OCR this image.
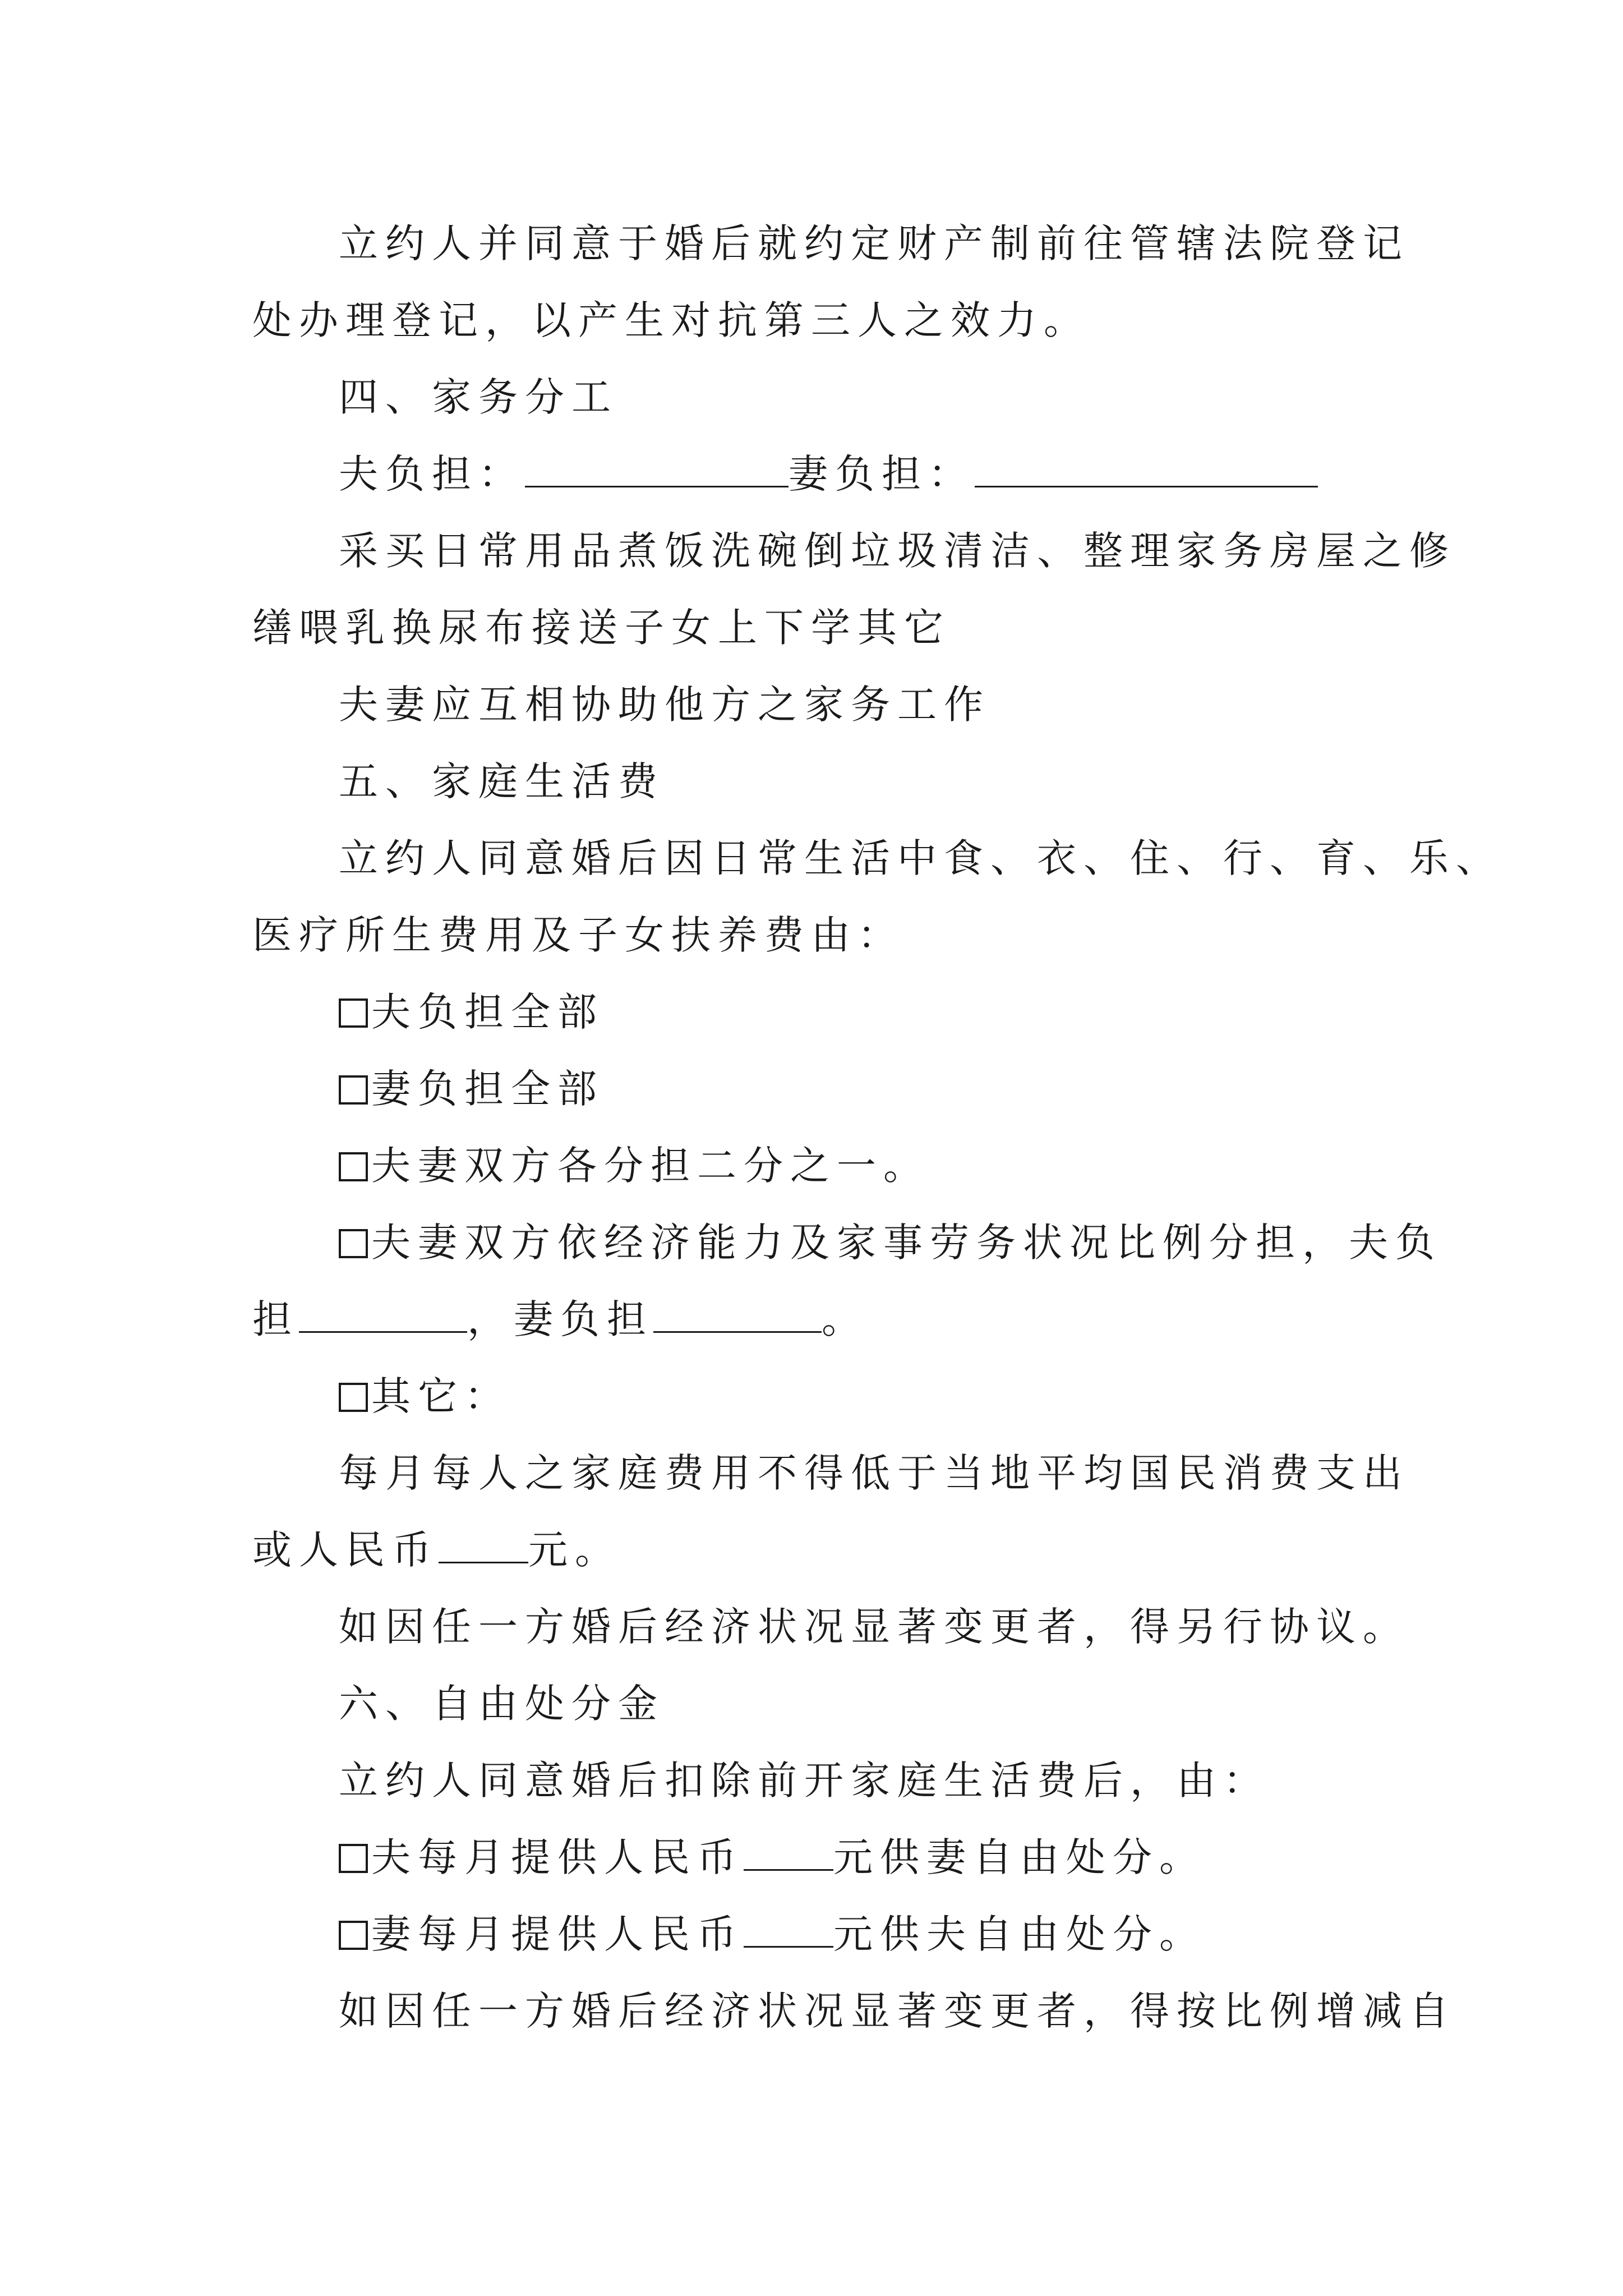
立约人并同意于婚后就约定财产制前往管辖法院登记
处办理登记，以产生对抗第三人之效力。
四、家务分工
夫负担：	妻负担：
采买日常用品煮饭洗碗倒垃圾清洁、整理家务房屋之修
缮喂乳换尿布接送子女上下学其它
夫妻应互相协助他方之家务工作
五、家庭生活费
立约人同意婚后因日常生活中食、衣、住、行、育、乐、
医疗所生费用及子女扶养费由：
夫负担全部
妻负担全部
夫妻双方各分担二分之一。
夫妻双方依经济能力及家事劳务状况比例分担，夫负
担	，妻负担	。
其它：
每月每人之家庭费用不得低于当地平均国民消费支出
或人民币 元。
如因任一方婚后经济状况显著变更者，得另行协议。
六、自由处分金
立约人同意婚后扣除前开家庭生活费后，由：
夫每月提供人民币 元供妻自由处分。
妻每月提供人民币 元供夫自由处分。
如因任一方婚后经济状况显著变更者，得按比例增减自
